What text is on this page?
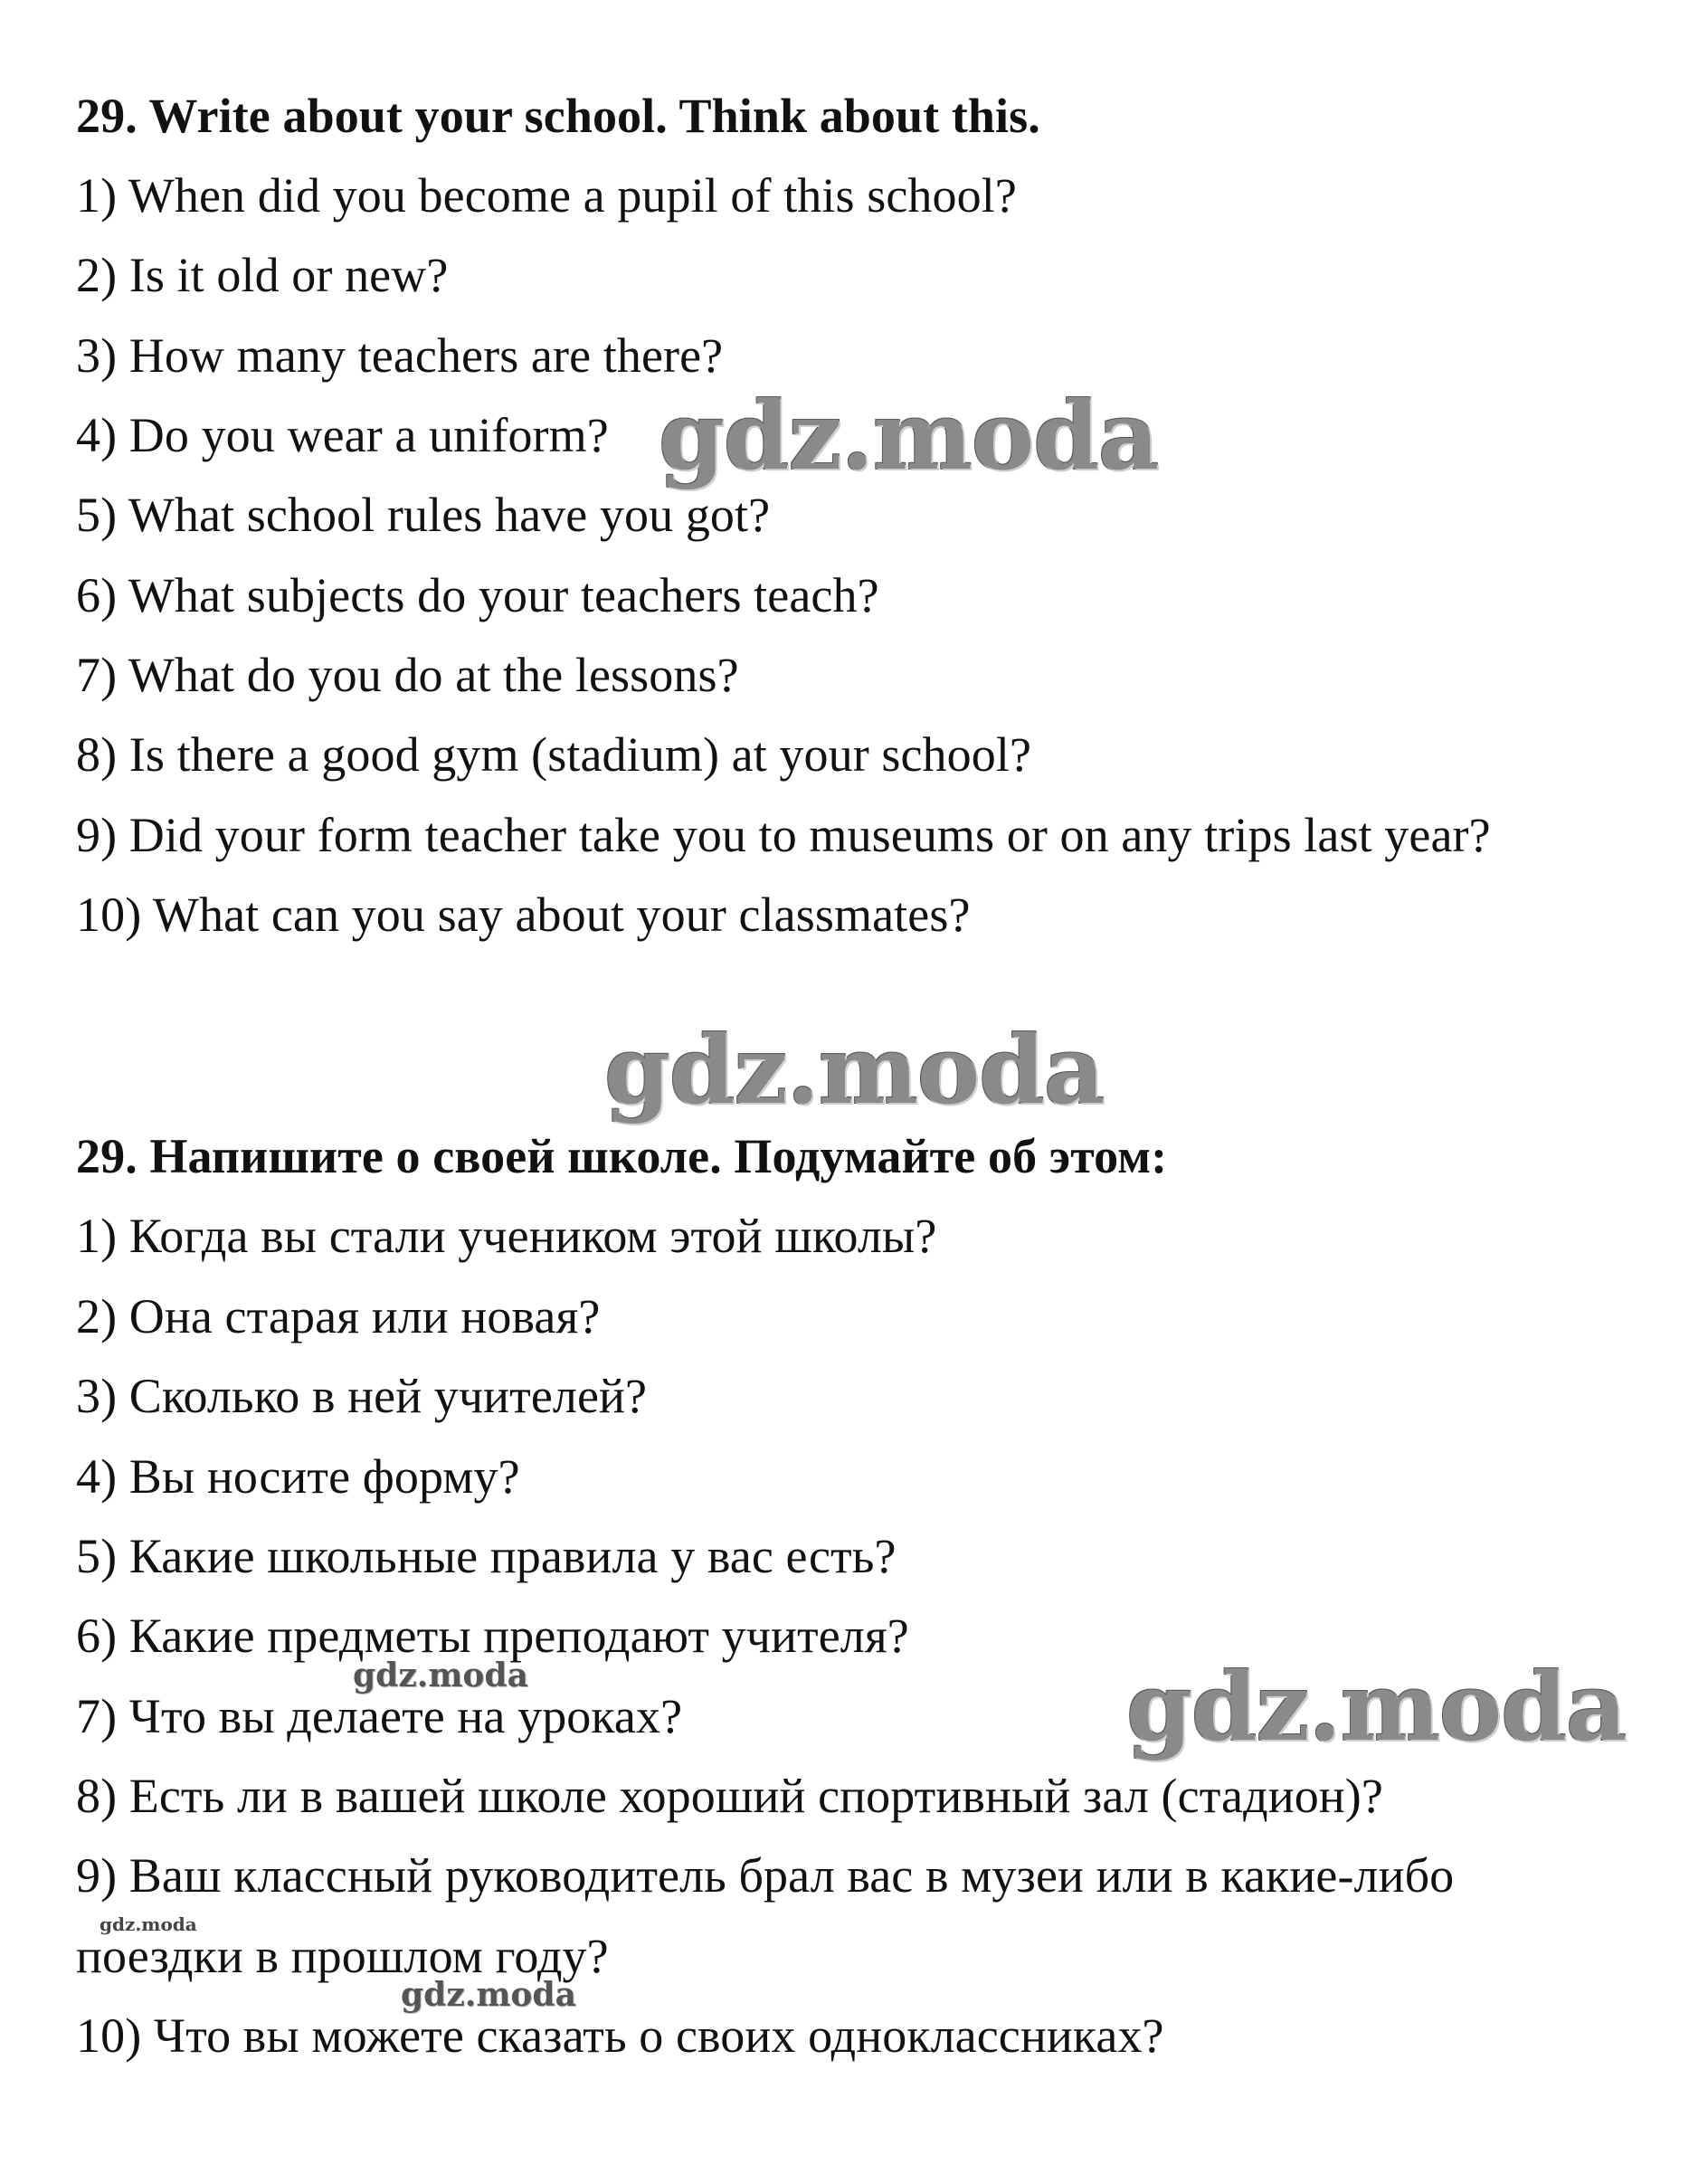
29. Write about your school. Think about this.
1) When did you become a pupil of this school?
2) Is it old or new?
3) How many teachers are there?
4) Do you wear a uniform?
5) What school rules have you got?
6) What subjects do your teachers teach?
7) What do you do at the lessons?
8) Is there a good gym (stadium) at your school?
9) Did your form teacher take you to museums or on any trips last year?
10) What can you say about your classmates?
29. Напишите о своей школе. Подумайте об этом:
1) Когда вы стали учеником этой школы?
2) Она старая или новая?
3) Сколько в ней учителей?
4) Вы носите форму?
5) Какие школьные правила у вас есть?
6) Какие предметы преподают учителя?
7) Что вы делаете на уроках?
8) Есть ли в вашей школе хороший спортивный зал (стадион)?
9) Ваш классный руководитель брал вас в музеи или в какие-либо
поездки в прошлом году?
10) Что вы можете сказать о своих одноклассниках?
gdz.moda
gdz.moda
gdz.moda
gdz.moda
gdz.moda
gdz.moda
